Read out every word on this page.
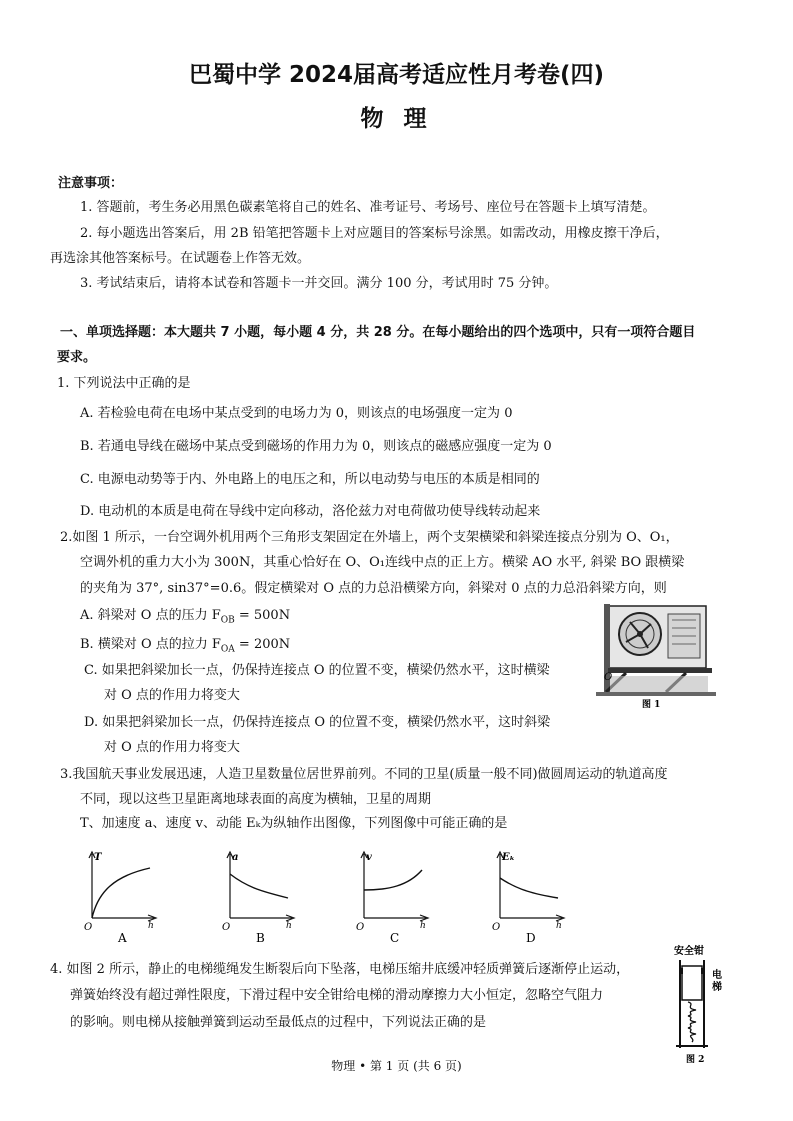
巴蜀中学 2024届高考适应性月考卷(四)
物 理
注意事项：
1. 答题前，考生务必用黑色碳素笔将自己的姓名、准考证号、考场号、座位号在答题卡上填写清楚。
2. 每小题选出答案后，用 2B 铅笔把答题卡上对应题目的答案标号涂黑。如需改动，用橡皮擦干净后，
再选涂其他答案标号。在试题卷上作答无效。
3. 考试结束后，请将本试卷和答题卡一并交回。满分 100 分，考试用时 75 分钟。
一、单项选择题：本大题共 7 小题，每小题 4 分，共 28 分。在每小题给出的四个选项中，只有一项符合题目
要求。
1. 下列说法中正确的是
A. 若检验电荷在电场中某点受到的电场力为 0，则该点的电场强度一定为 0
B. 若通电导线在磁场中某点受到磁场的作用力为 0，则该点的磁感应强度一定为 0
C. 电源电动势等于内、外电路上的电压之和，所以电动势与电压的本质是相同的
D. 电动机的本质是电荷在导线中定向移动，洛伦兹力对电荷做功使导线转动起来
2.如图 1 所示，一台空调外机用两个三角形支架固定在外墙上，两个支架横梁和斜梁连接点分别为 O、O₁，
空调外机的重力大小为 300N，其重心恰好在 O、O₁连线中点的正上方。横梁 AO 水平, 斜梁 BO 跟横梁
的夹角为 37°, sin37°=0.6。假定横梁对 O 点的力总沿横梁方向，斜梁对 0 点的力总沿斜梁方向，则
A. 斜梁对 O 点的压力 $F_{OB} = 500N$
B. 横梁对 O 点的拉力 $F_{OA} = 200N$
C. 如果把斜梁加长一点，仍保持连接点 O 的位置不变，横梁仍然水平，这时横梁
对 O 点的作用力将变大
D. 如果把斜梁加长一点，仍保持连接点 O 的位置不变，横梁仍然水平，这时斜梁
对 O 点的作用力将变大
O
图 1
3.我国航天事业发展迅速，人造卫星数量位居世界前列。不同的卫星(质量一般不同)做圆周运动的轨道高度
不同，现以这些卫星距离地球表面的高度为横轴，卫星的周期
T、加速度 a、速度 v、动能 Eₖ为纵轴作出图像，下列图像中可能正确的是
T
h
O
A
a
h
O
B
v
h
O
C
Eₖ
h
O
D
4. 如图 2 所示，静止的电梯缆绳发生断裂后向下坠落，电梯压缩井底缓冲轻质弹簧后逐渐停止运动，
弹簧始终没有超过弹性限度，下滑过程中安全钳给电梯的滑动摩擦力大小恒定，忽略空气阻力
的影响。则电梯从接触弹簧到运动至最低点的过程中，下列说法正确的是
安全钳
电
梯
图 2
物理 • 第 1 页 (共 6 页)
